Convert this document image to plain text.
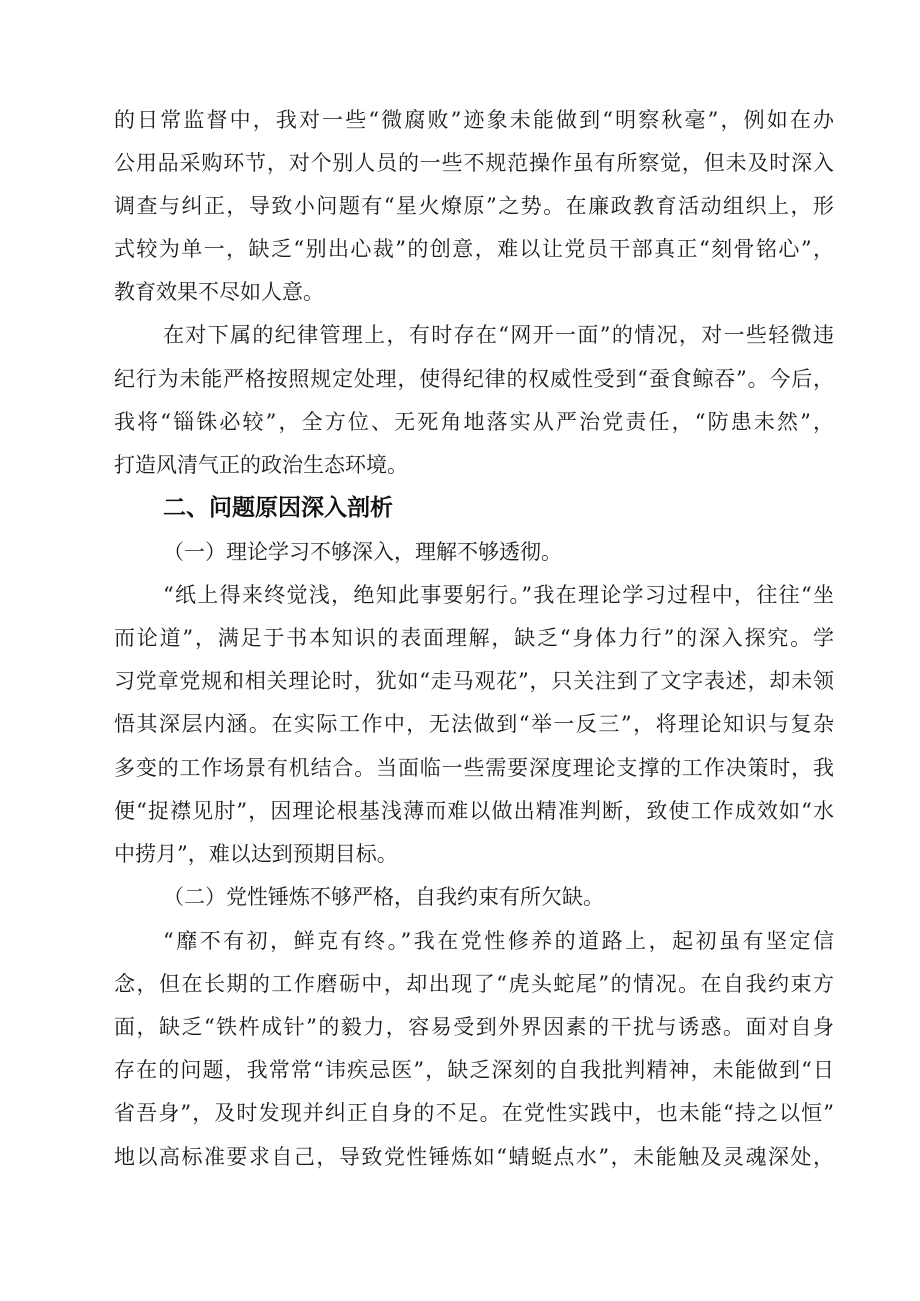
的日常监督中，我对一些“微腐败”迹象未能做到“明察秋毫”，例如在办
公用品采购环节，对个别人员的一些不规范操作虽有所察觉，但未及时深入
调查与纠正，导致小问题有“星火燎原”之势。在廉政教育活动组织上，形
式较为单一，缺乏“别出心裁”的创意，难以让党员干部真正“刻骨铭心”，
教育效果不尽如人意。
在对下属的纪律管理上，有时存在“网开一面”的情况，对一些轻微违
纪行为未能严格按照规定处理，使得纪律的权威性受到“蚕食鲸吞”。今后，
我将“锱铢必较”，全方位、无死角地落实从严治党责任，“防患未然”，
打造风清气正的政治生态环境。
二、问题原因深入剖析
（一）理论学习不够深入，理解不够透彻。
“纸上得来终觉浅，绝知此事要躬行。”我在理论学习过程中，往往“坐
而论道”，满足于书本知识的表面理解，缺乏“身体力行”的深入探究。学
习党章党规和相关理论时，犹如“走马观花”，只关注到了文字表述，却未领
悟其深层内涵。在实际工作中，无法做到“举一反三”，将理论知识与复杂
多变的工作场景有机结合。当面临一些需要深度理论支撑的工作决策时，我
便“捉襟见肘”，因理论根基浅薄而难以做出精准判断，致使工作成效如“水
中捞月”，难以达到预期目标。
（二）党性锤炼不够严格，自我约束有所欠缺。
“靡不有初，鲜克有终。”我在党性修养的道路上，起初虽有坚定信
念，但在长期的工作磨砺中，却出现了“虎头蛇尾”的情况。在自我约束方
面，缺乏“铁杵成针”的毅力，容易受到外界因素的干扰与诱惑。面对自身
存在的问题，我常常“讳疾忌医”，缺乏深刻的自我批判精神，未能做到“日
省吾身”，及时发现并纠正自身的不足。在党性实践中，也未能“持之以恒”
地以高标准要求自己，导致党性锤炼如“蜻蜓点水”，未能触及灵魂深处，
